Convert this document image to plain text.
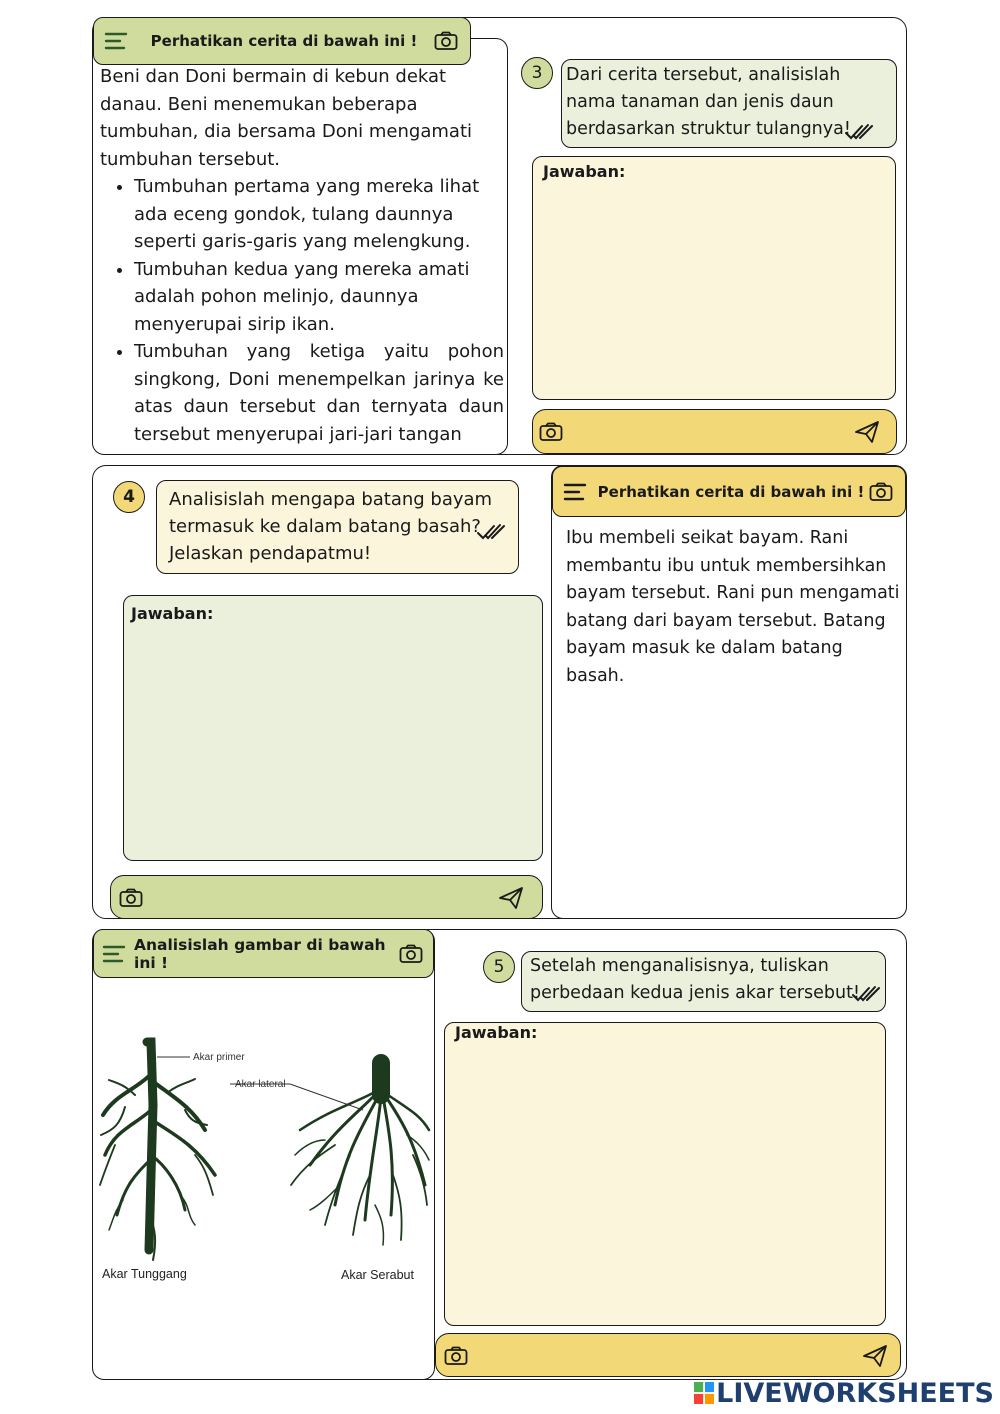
Perhatikan cerita di bawah ini !
Beni dan Doni bermain di kebun dekat danau. Beni menemukan beberapa tumbuhan, dia bersama Doni mengamati tumbuhan tersebut.
• Tumbuhan pertama yang mereka lihat ada eceng gondok, tulang daunnya seperti garis-garis yang melengkung.
• Tumbuhan kedua yang mereka amati adalah pohon melinjo, daunnya menyerupai sirip ikan.
• Tumbuhan yang ketiga yaitu pohon singkong, Doni menempelkan jarinya ke atas daun tersebut dan ternyata daun tersebut menyerupai jari-jari tangan
3	Dari cerita tersebut, analisislah nama tanaman dan jenis daun berdasarkan struktur tulangnya!
Jawaban:
4	Analisislah mengapa batang bayam termasuk ke dalam batang basah? Jelaskan pendapatmu!
Jawaban:
Perhatikan cerita di bawah ini !
Ibu membeli seikat bayam. Rani membantu ibu untuk membersihkan bayam tersebut. Rani pun mengamati batang dari bayam tersebut. Batang bayam masuk ke dalam batang basah.
Analisislah gambar di bawah ini !
Akar primer
Akar lateral
Akar Tunggang	Akar Serabut
5	Setelah menganalisisnya, tuliskan perbedaan kedua jenis akar tersebut!
Jawaban:
LIVEWORKSHEETS
